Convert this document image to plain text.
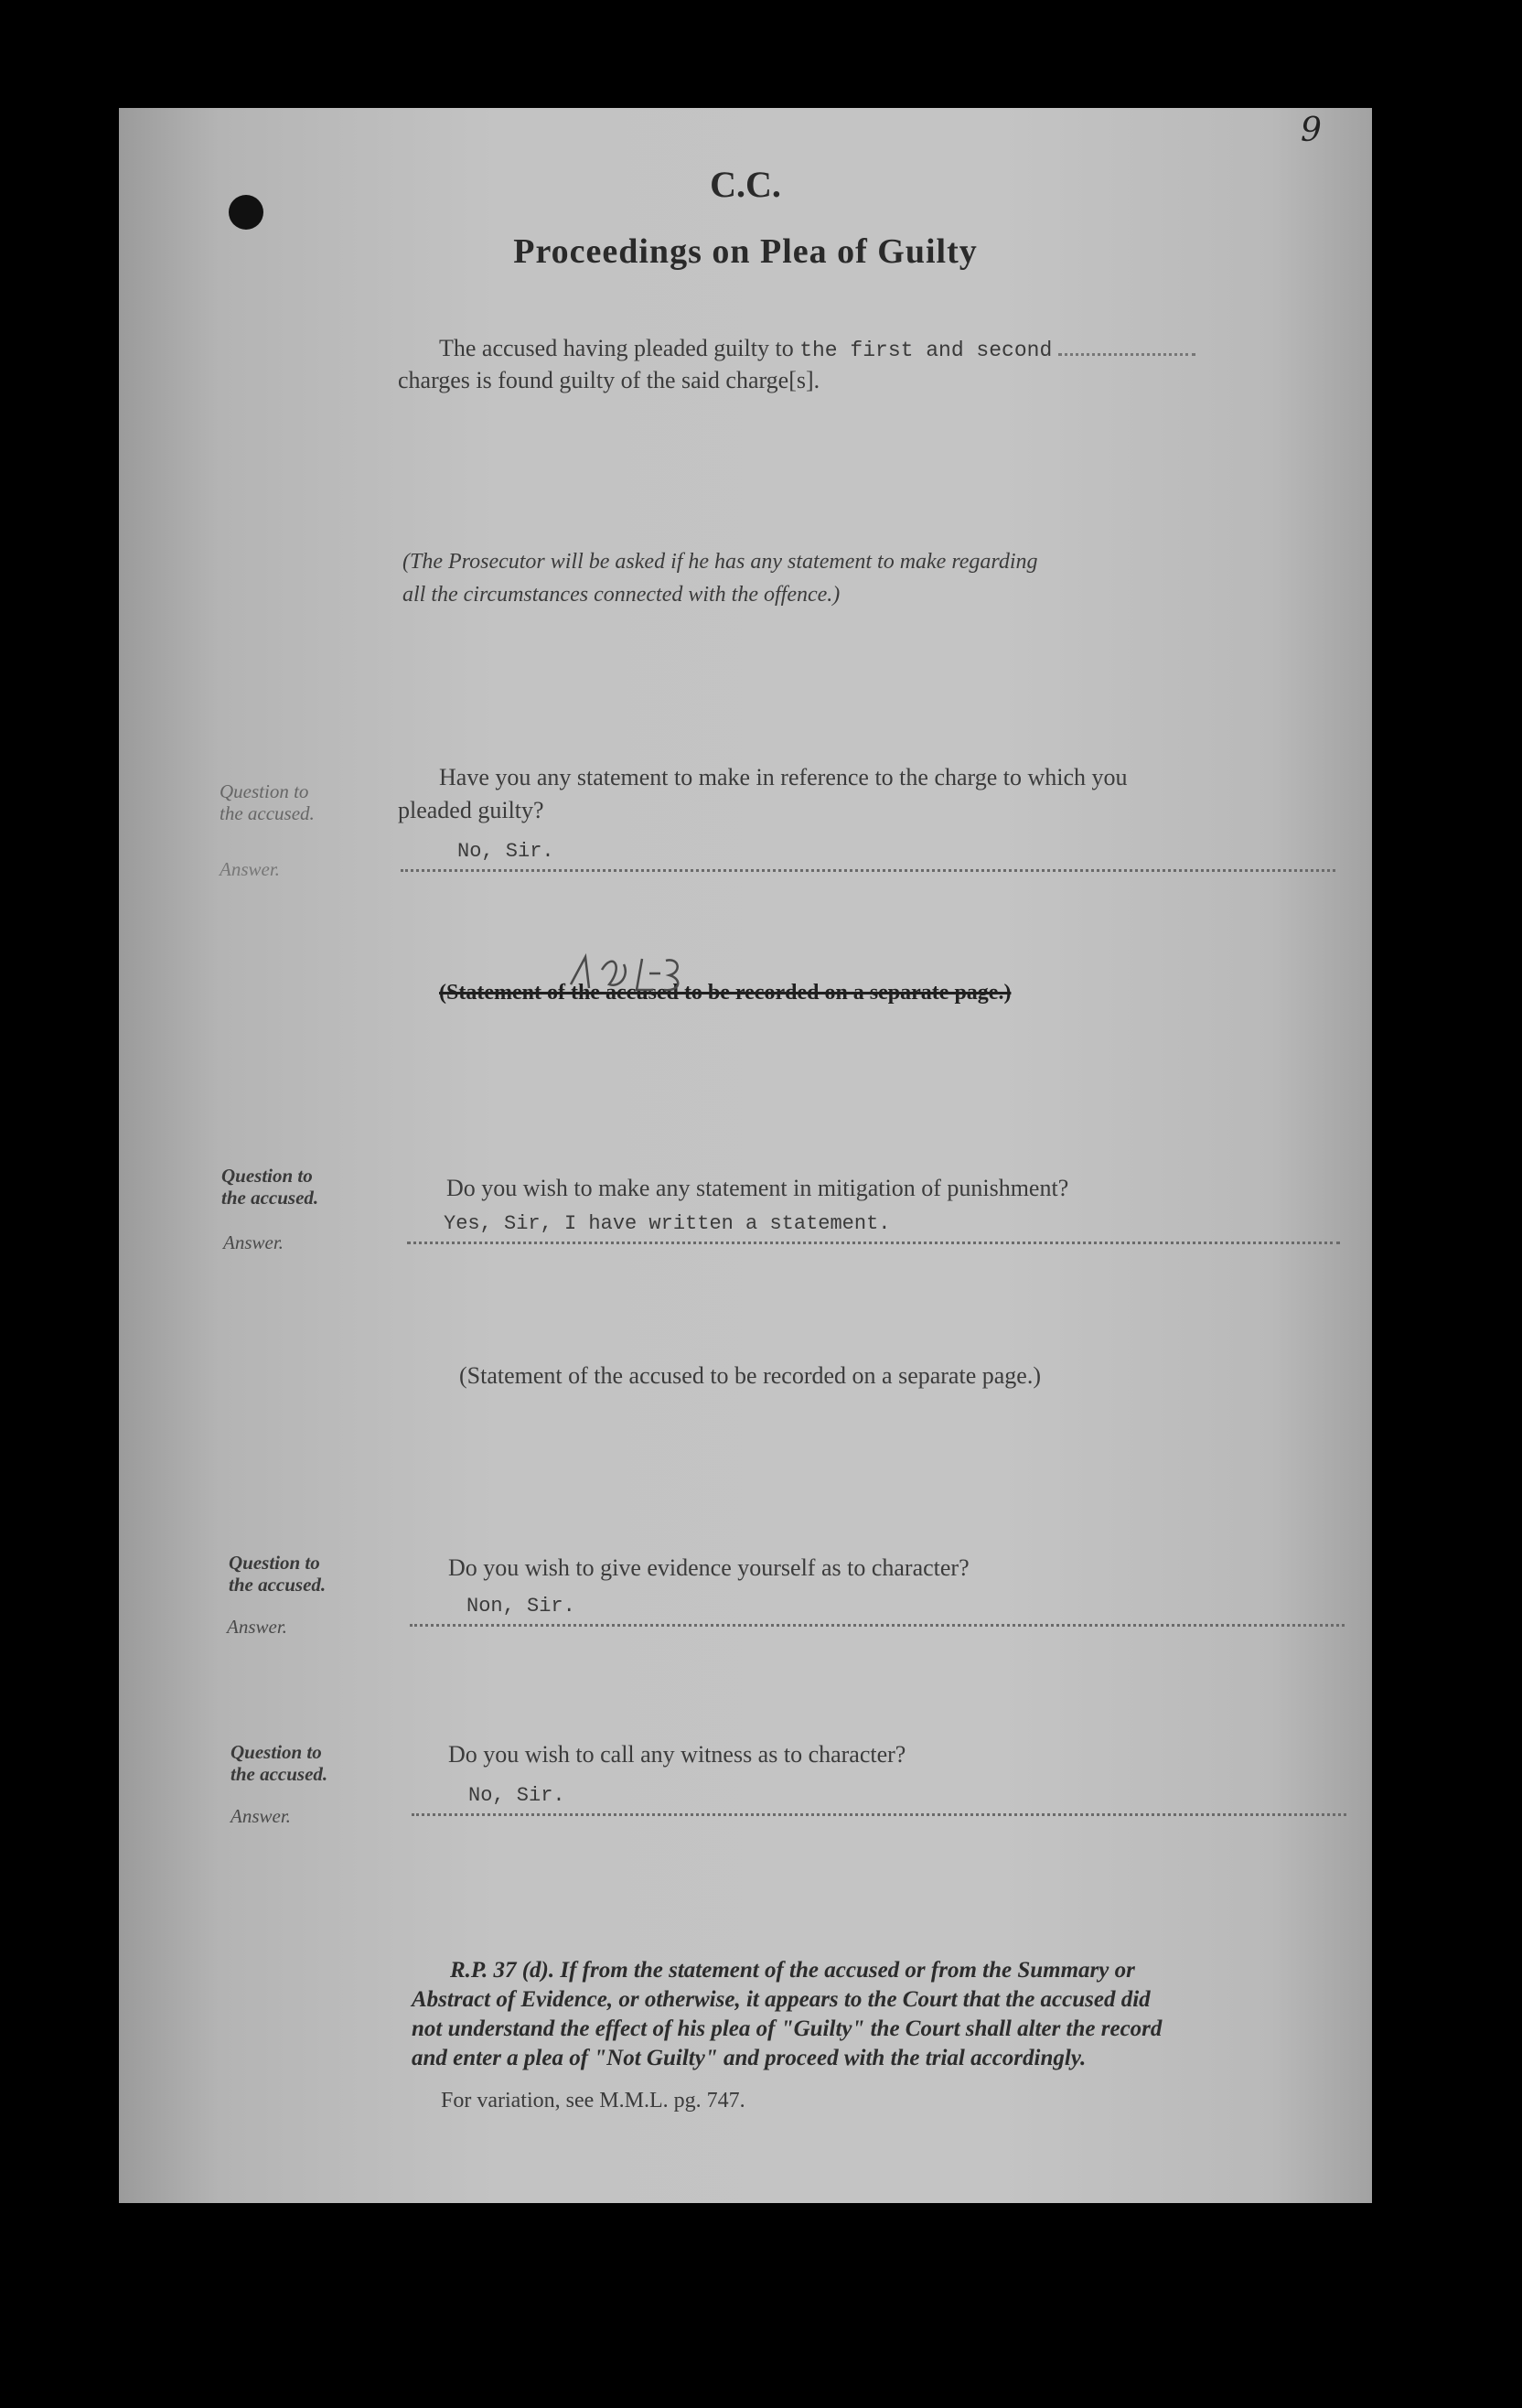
9
C.C.
Proceedings on Plea of Guilty
The accused having pleaded guilty to the first and second
charges is found guilty of the said charge[s].
(The Prosecutor will be asked if he has any statement to make regarding
all the circumstances connected with the offence.)
Question to
the accused.
Have you any statement to make in reference to the charge to which you
pleaded guilty?
Answer.
No, Sir.
(Statement of the accused to be recorded on a separate page.)
Question to
the accused.	Do you wish to make any statement in mitigation of punishment?
Answer.
Yes, Sir, I have written a statement.
(Statement of the accused to be recorded on a separate page.)
Question to
the accused.
Do you wish to give evidence yourself as to character?
Answer.
Non, Sir.
Question to
the accused.
Do you wish to call any witness as to character?
Answer.
No, Sir.
R.P. 37 (d). If from the statement of the accused or from the Summary or
Abstract of Evidence, or otherwise, it appears to the Court that the accused did
not understand the effect of his plea of "Guilty" the Court shall alter the record
and enter a plea of "Not Guilty" and proceed with the trial accordingly.
For variation, see M.M.L. pg. 747.
